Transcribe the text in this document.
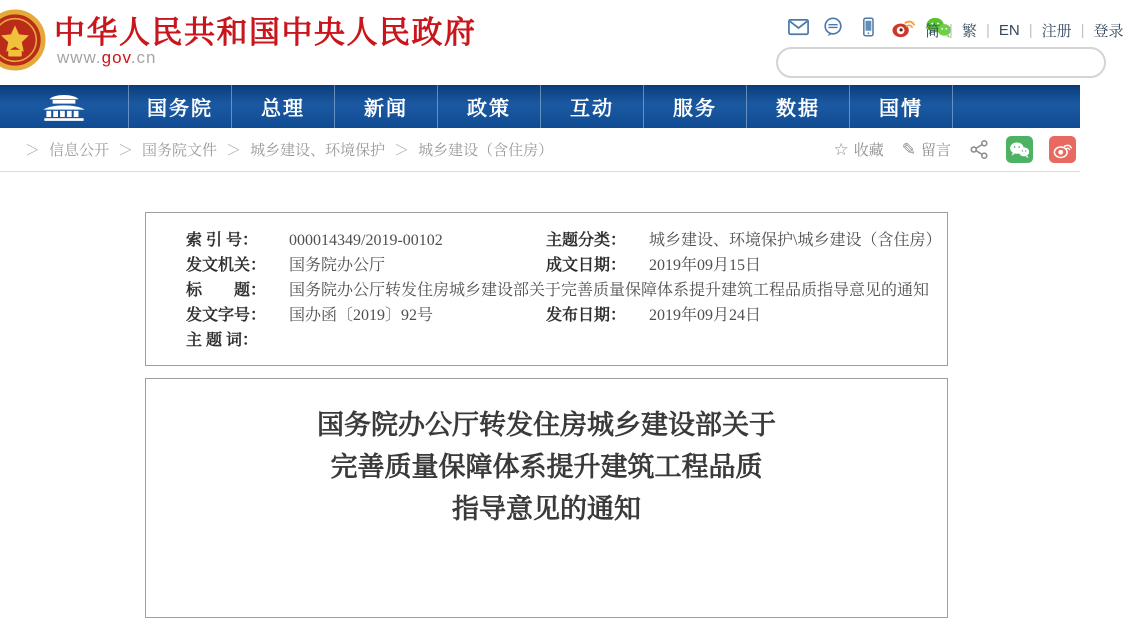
中华人民共和国中央人民政府
www.gov.cn
简 | 繁 | EN | 注册 | 登录
国务院	总理	新闻	政策	互动	服务	数据	国情
＞ 信息公开 ＞ 国务院文件 ＞ 城乡建设、环境保护 ＞ 城乡建设（含住房）	☆ 收藏 ✎ 留言
索 引 号：	000014349/2019-00102	主题分类：	城乡建设、环境保护\城乡建设（含住房）
发文机关：	国务院办公厅	成文日期：	2019年09月15日
标　　题：	国务院办公厅转发住房城乡建设部关于完善质量保障体系提升建筑工程品质指导意见的通知
发文字号：	国办函〔2019〕92号	发布日期：	2019年09月24日
主 题 词：
国务院办公厅转发住房城乡建设部关于
完善质量保障体系提升建筑工程品质
指导意见的通知
